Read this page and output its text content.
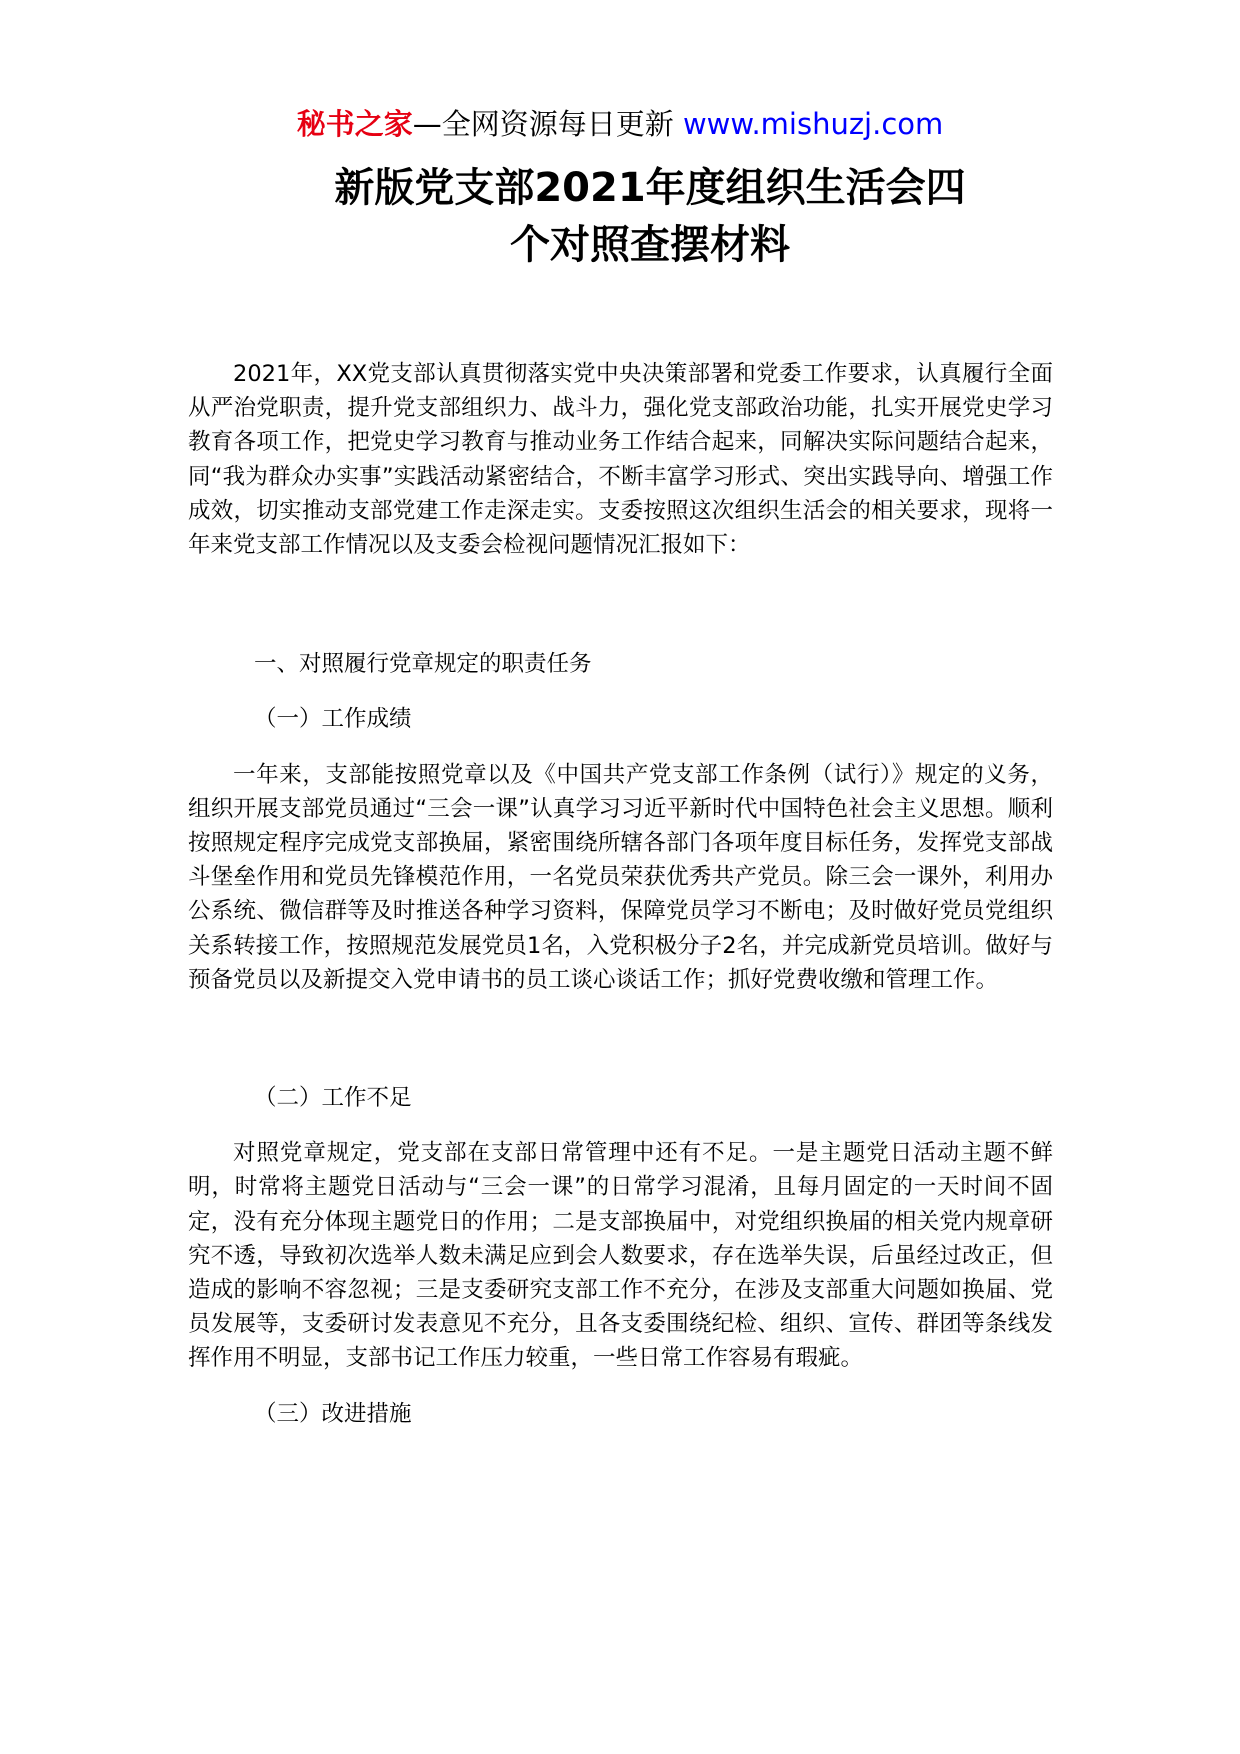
秘书之家—全网资源每日更新 www.mishuzj.com
新版党支部2021年度组织生活会四
个对照查摆材料

2021年，XX党支部认真贯彻落实党中央决策部署和党委工作要求，认真履行全面从严治党职责，提升党支部组织力、战斗力，强化党支部政治功能，扎实开展党史学习教育各项工作，把党史学习教育与推动业务工作结合起来，同解决实际问题结合起来，同“我为群众办实事”实践活动紧密结合，不断丰富学习形式、突出实践导向、增强工作成效，切实推动支部党建工作走深走实。支委按照这次组织生活会的相关要求，现将一年来党支部工作情况以及支委会检视问题情况汇报如下：

一、对照履行党章规定的职责任务

（一）工作成绩

一年来，支部能按照党章以及《中国共产党支部工作条例（试行）》规定的义务，组织开展支部党员通过“三会一课”认真学习习近平新时代中国特色社会主义思想。顺利按照规定程序完成党支部换届，紧密围绕所辖各部门各项年度目标任务，发挥党支部战斗堡垒作用和党员先锋模范作用，一名党员荣获优秀共产党员。除三会一课外，利用办公系统、微信群等及时推送各种学习资料，保障党员学习不断电；及时做好党员党组织关系转接工作，按照规范发展党员1名，入党积极分子2名，并完成新党员培训。做好与预备党员以及新提交入党申请书的员工谈心谈话工作；抓好党费收缴和管理工作。

（二）工作不足

对照党章规定，党支部在支部日常管理中还有不足。一是主题党日活动主题不鲜明，时常将主题党日活动与“三会一课”的日常学习混淆，且每月固定的一天时间不固定，没有充分体现主题党日的作用；二是支部换届中，对党组织换届的相关党内规章研究不透，导致初次选举人数未满足应到会人数要求，存在选举失误，后虽经过改正，但造成的影响不容忽视；三是支委研究支部工作不充分，在涉及支部重大问题如换届、党员发展等，支委研讨发表意见不充分，且各支委围绕纪检、组织、宣传、群团等条线发挥作用不明显，支部书记工作压力较重，一些日常工作容易有瑕疵。

（三）改进措施
